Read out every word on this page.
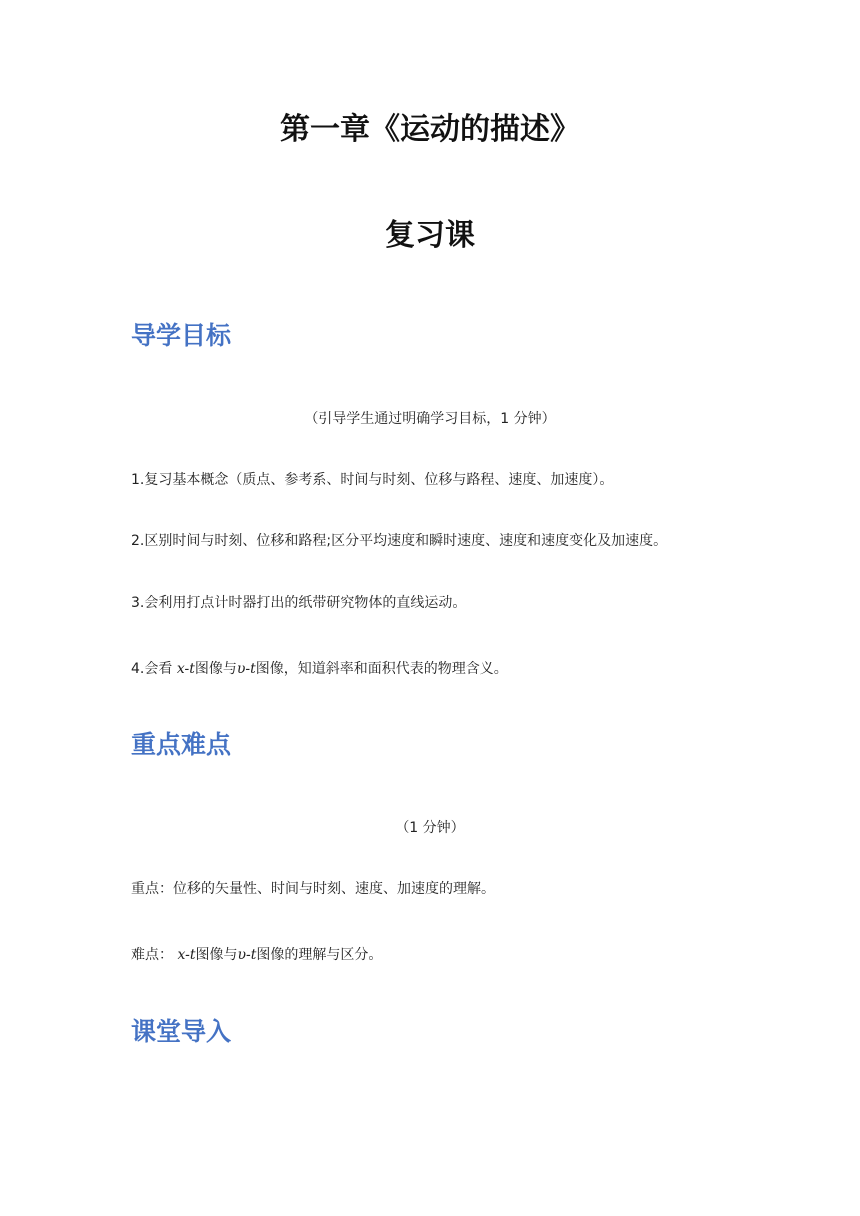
第一章《运动的描述》
复习课
导学目标
（引导学生通过明确学习目标，1 分钟）
1.复习基本概念（质点、参考系、时间与时刻、位移与路程、速度、加速度）。
2.区别时间与时刻、位移和路程;区分平均速度和瞬时速度、速度和速度变化及加速度。
3.会利用打点计时器打出的纸带研究物体的直线运动。
4.会看 x-t图像与υ-t图像，知道斜率和面积代表的物理含义。
重点难点
（1 分钟）
重点：位移的矢量性、时间与时刻、速度、加速度的理解。
难点： x-t图像与υ-t图像的理解与区分。
课堂导入
